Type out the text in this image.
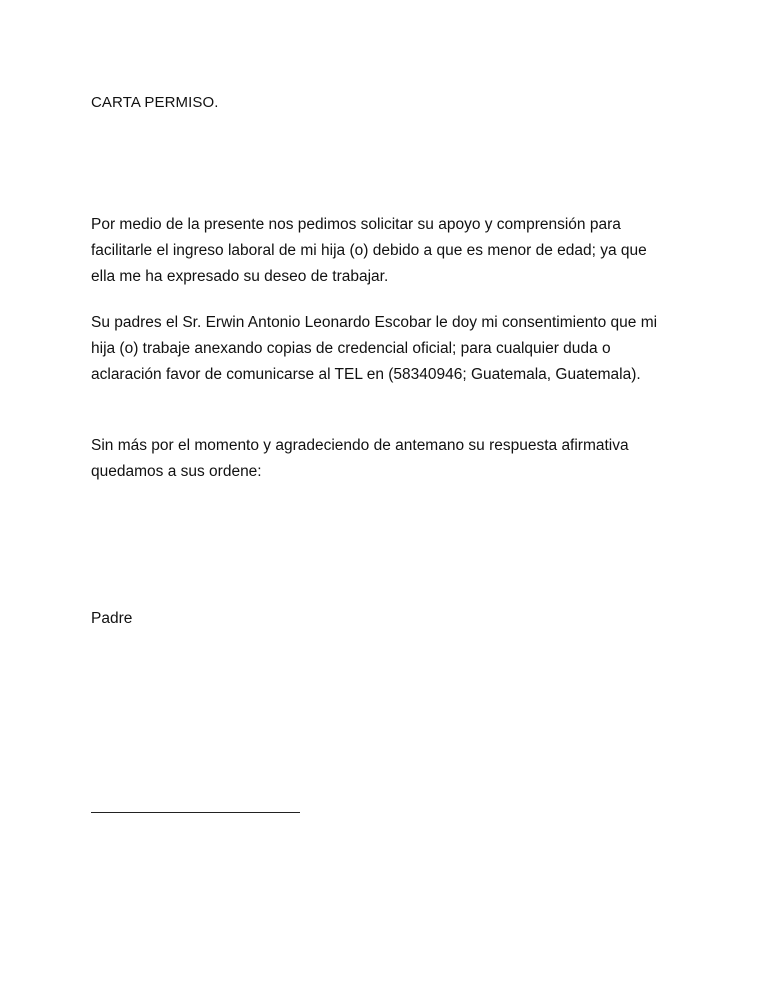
CARTA PERMISO.

Por medio de la presente nos pedimos solicitar su apoyo y comprensión para
facilitarle el ingreso laboral de mi hija (o) debido a que es menor de edad; ya que
ella me ha expresado su deseo de trabajar.
Su padres el Sr. Erwin Antonio Leonardo Escobar le doy mi consentimiento que mi
hija (o) trabaje anexando copias de credencial oficial; para cualquier duda o
aclaración favor de comunicarse al TEL en (58340946; Guatemala, Guatemala).
Sin más por el momento y agradeciendo de antemano su respuesta afirmativa
quedamos a sus ordene:

Padre
